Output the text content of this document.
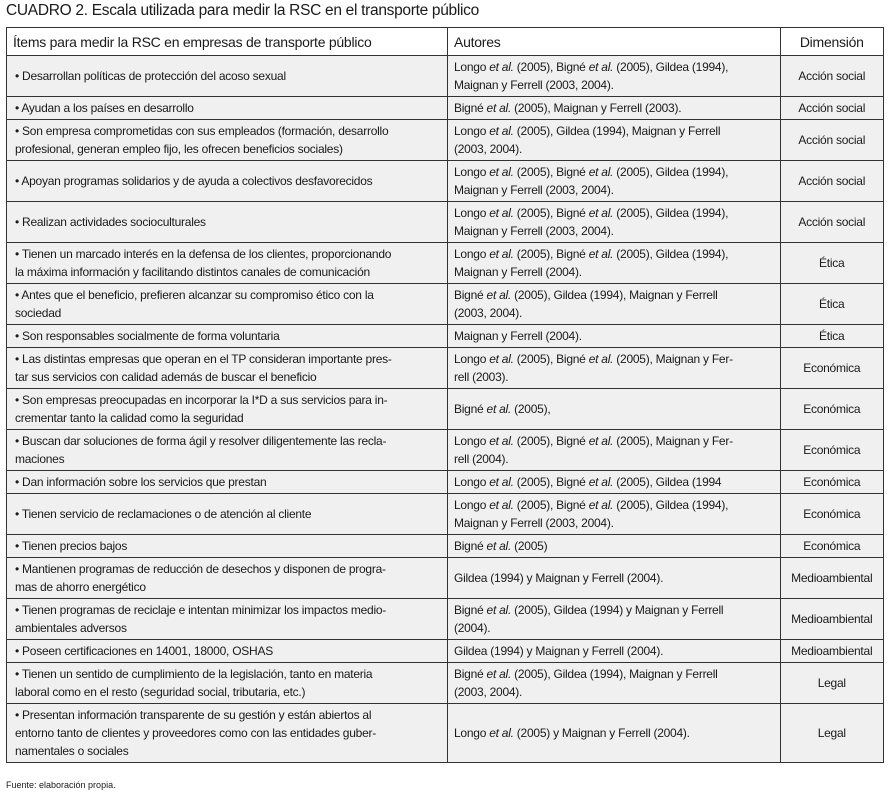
CUADRO 2. Escala utilizada para medir la RSC en el transporte público
Ítems para medir la RSC en empresas de transporte público	Autores	Dimensión
• Desarrollan políticas de protección del acoso sexual	Longo et al. (2005), Bigné et al. (2005), Gildea (1994),
Maignan y Ferrell (2003, 2004).	Acción social
• Ayudan a los países en desarrollo	Bigné et al. (2005), Maignan y Ferrell (2003).	Acción social
• Son empresa comprometidas con sus empleados (formación, desarrollo
profesional, generan empleo fijo, les ofrecen beneficios sociales)	Longo et al. (2005), Gildea (1994), Maignan y Ferrell
(2003, 2004).	Acción social
• Apoyan programas solidarios y de ayuda a colectivos desfavorecidos	Longo et al. (2005), Bigné et al. (2005), Gildea (1994),
Maignan y Ferrell (2003, 2004).	Acción social
• Realizan actividades socioculturales	Longo et al. (2005), Bigné et al. (2005), Gildea (1994),
Maignan y Ferrell (2003, 2004).	Acción social
• Tienen un marcado interés en la defensa de los clientes, proporcionando
la máxima información y facilitando distintos canales de comunicación	Longo et al. (2005), Bigné et al. (2005), Gildea (1994),
Maignan y Ferrell (2004).	Ética
• Antes que el beneficio, prefieren alcanzar su compromiso ético con la
sociedad	Bigné et al. (2005), Gildea (1994), Maignan y Ferrell
(2003, 2004).	Ética
• Son responsables socialmente de forma voluntaria	Maignan y Ferrell (2004).	Ética
• Las distintas empresas que operan en el TP consideran importante pres-
tar sus servicios con calidad además de buscar el beneficio	Longo et al. (2005), Bigné et al. (2005), Maignan y Fer-
rell (2003).	Económica
• Son empresas preocupadas en incorporar la I*D a sus servicios para in-
crementar tanto la calidad como la seguridad	Bigné et al. (2005),	Económica
• Buscan dar soluciones de forma ágil y resolver diligentemente las recla-
maciones	Longo et al. (2005), Bigné et al. (2005), Maignan y Fer-
rell (2004).	Económica
• Dan información sobre los servicios que prestan	Longo et al. (2005), Bigné et al. (2005), Gildea (1994	Económica
• Tienen servicio de reclamaciones o de atención al cliente	Longo et al. (2005), Bigné et al. (2005), Gildea (1994),
Maignan y Ferrell (2003, 2004).	Económica
• Tienen precios bajos	Bigné et al. (2005)	Económica
• Mantienen programas de reducción de desechos y disponen de progra-
mas de ahorro energético	Gildea (1994) y Maignan y Ferrell (2004).	Medioambiental
• Tienen programas de reciclaje e intentan minimizar los impactos medio-
ambientales adversos	Bigné et al. (2005), Gildea (1994) y Maignan y Ferrell
(2004).	Medioambiental
• Poseen certificaciones en 14001, 18000, OSHAS	Gildea (1994) y Maignan y Ferrell (2004).	Medioambiental
• Tienen un sentido de cumplimiento de la legislación, tanto en materia
laboral como en el resto (seguridad social, tributaria, etc.)	Bigné et al. (2005), Gildea (1994), Maignan y Ferrell
(2003, 2004).	Legal
• Presentan información transparente de su gestión y están abiertos al
entorno tanto de clientes y proveedores como con las entidades guber-
namentales o sociales	Longo et al. (2005) y Maignan y Ferrell (2004).	Legal
Fuente: elaboración propia.
